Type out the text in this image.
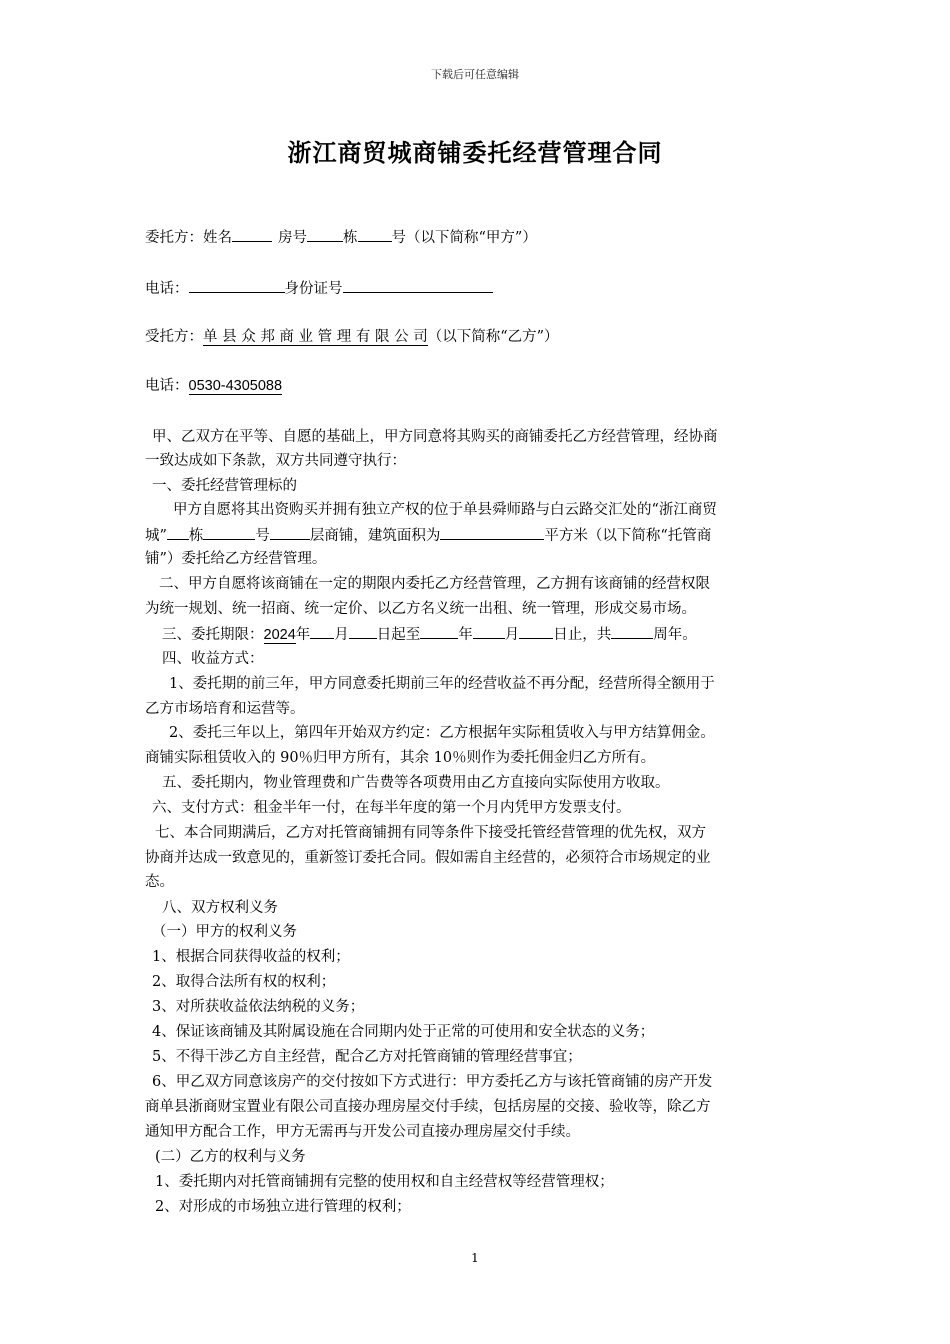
下载后可任意编辑
浙江商贸城商铺委托经营管理合同
委托方：姓名	房号 栋 号（以下简称“甲方”）
电话：	身份证号
受托方：单 县 众 邦 商 业 管 理 有 限 公 司（以下简称“乙方”）
电话：0530-4305088
甲、乙双方在平等、自愿的基础上，甲方同意将其购买的商铺委托乙方经营管理，经协商
一致达成如下条款，双方共同遵守执行：
一、委托经营管理标的
甲方自愿将其出资购买并拥有独立产权的位于单县舜师路与白云路交汇处的“浙江商贸
城” 栋	号	层商铺，建筑面积为	平方米（以下简称“托管商
铺”）委托给乙方经营管理。
二、甲方自愿将该商铺在一定的期限内委托乙方经营管理，乙方拥有该商铺的经营权限
为统一规划、统一招商、统一定价、以乙方名义统一出租、统一管理，形成交易市场。
三、委托期限：2024年 月 日起至	年 月 日止，共	周年。
四、收益方式：
1、委托期的前三年，甲方同意委托期前三年的经营收益不再分配，经营所得全额用于
乙方市场培育和运营等。
2、委托三年以上，第四年开始双方约定：乙方根据年实际租赁收入与甲方结算佣金。
商铺实际租赁收入的 90％归甲方所有，其余 10％则作为委托佣金归乙方所有。
五、委托期内，物业管理费和广告费等各项费用由乙方直接向实际使用方收取。
六、支付方式：租金半年一付，在每半年度的第一个月内凭甲方发票支付。
七、本合同期满后，乙方对托管商铺拥有同等条件下接受托管经营管理的优先权，双方
协商并达成一致意见的，重新签订委托合同。假如需自主经营的，必须符合市场规定的业
态。
八、双方权利义务
（一）甲方的权利义务
1、根据合同获得收益的权利；
2、取得合法所有权的权利；
3、对所获收益依法纳税的义务；
4、保证该商铺及其附属设施在合同期内处于正常的可使用和安全状态的义务；
5、不得干涉乙方自主经营，配合乙方对托管商铺的管理经营事宜；
6、甲乙双方同意该房产的交付按如下方式进行：甲方委托乙方与该托管商铺的房产开发
商单县浙商财宝置业有限公司直接办理房屋交付手续，包括房屋的交接、验收等，除乙方
通知甲方配合工作，甲方无需再与开发公司直接办理房屋交付手续。
(二）乙方的权利与义务
1、委托期内对托管商铺拥有完整的使用权和自主经营权等经营管理权；
2、对形成的市场独立进行管理的权利；
1
